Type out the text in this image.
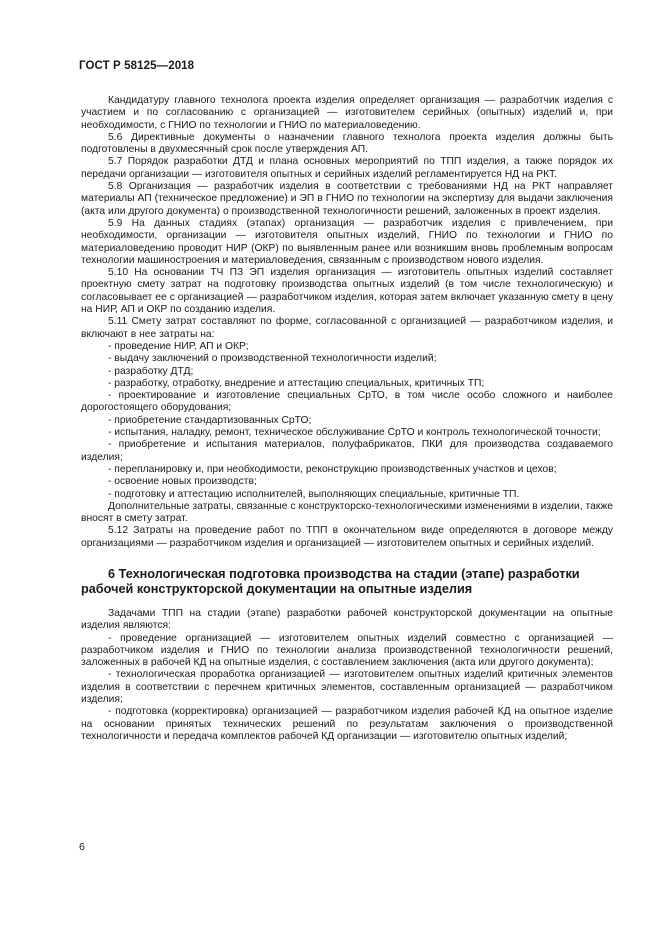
ГОСТ Р 58125—2018

Кандидатуру главного технолога проекта изделия определяет организация — разработчик изделия с участием и по согласованию с организацией — изготовителем серийных (опытных) изделий и, при необходимости, с ГНИО по технологии и ГНИО по материаловедению.

5.6 Директивные документы о назначении главного технолога проекта изделия должны быть подготовлены в двухмесячный срок после утверждения АП.

5.7 Порядок разработки ДТД и плана основных мероприятий по ТПП изделия, а также порядок их передачи организации — изготовителя опытных и серийных изделий регламентируется НД на РКТ.

5.8 Организация — разработчик изделия в соответствии с требованиями НД на РКТ направляет материалы АП (техническое предложение) и ЭП в ГНИО по технологии на экспертизу для выдачи заключения (акта или другого документа) о производственной технологичности решений, заложенных в проект изделия.

5.9 На данных стадиях (этапах) организация — разработчик изделия с привлечением, при необходимости, организации — изготовителя опытных изделий, ГНИО по технологии и ГНИО по материаловедению проводит НИР (ОКР) по выявленным ранее или возникшим вновь проблемным вопросам технологии машиностроения и материаловедения, связанным с производством нового изделия.

5.10 На основании ТЧ ПЗ ЭП изделия организация — изготовитель опытных изделий составляет проектную смету затрат на подготовку производства опытных изделий (в том числе технологическую) и согласовывает ее с организацией — разработчиком изделия, которая затем включает указанную смету в цену на НИР, АП и ОКР по созданию изделия.

5.11 Смету затрат составляют по форме, согласованной с организацией — разработчиком изделия, и включают в нее затраты на:

- проведение НИР, АП и ОКР;

- выдачу заключений о производственной технологичности изделий;

- разработку ДТД;

- разработку, отработку, внедрение и аттестацию специальных, критичных ТП;

- проектирование и изготовление специальных СрТО, в том числе особо сложного и наиболее дорогостоящего оборудования;

- приобретение стандартизованных СрТО;

- испытания, наладку, ремонт, техническое обслуживание СрТО и контроль технологической точности;

- приобретение и испытания материалов, полуфабрикатов, ПКИ для производства создаваемого изделия;

- перепланировку и, при необходимости, реконструкцию производственных участков и цехов;

- освоение новых производств;

- подготовку и аттестацию исполнителей, выполняющих специальные, критичные ТП.

Дополнительные затраты, связанные с конструкторско-технологическими изменениями в изделии, также вносят в смету затрат.

5.12 Затраты на проведение работ по ТПП в окончательном виде определяются в договоре между организациями — разработчиком изделия и организацией — изготовителем опытных и серийных изделий.

6 Технологическая подготовка производства на стадии (этапе) разработки рабочей конструкторской документации на опытные изделия

Задачами ТПП на стадии (этапе) разработки рабочей конструкторской документации на опытные изделия являются:

- проведение организацией — изготовителем опытных изделий совместно с организацией — разработчиком изделия и ГНИО по технологии анализа производственной технологичности решений, заложенных в рабочей КД на опытные изделия, с составлением заключения (акта или другого документа);

- технологическая проработка организацией — изготовителем опытных изделий критичных элементов изделия в соответствии с перечнем критичных элементов, составленным организацией — разработчиком изделия;

- подготовка (корректировка) организацией — разработчиком изделия рабочей КД на опытное изделие на основании принятых технических решений по результатам заключения о производственной технологичности и передача комплектов рабочей КД организации — изготовителю опытных изделий;

6
